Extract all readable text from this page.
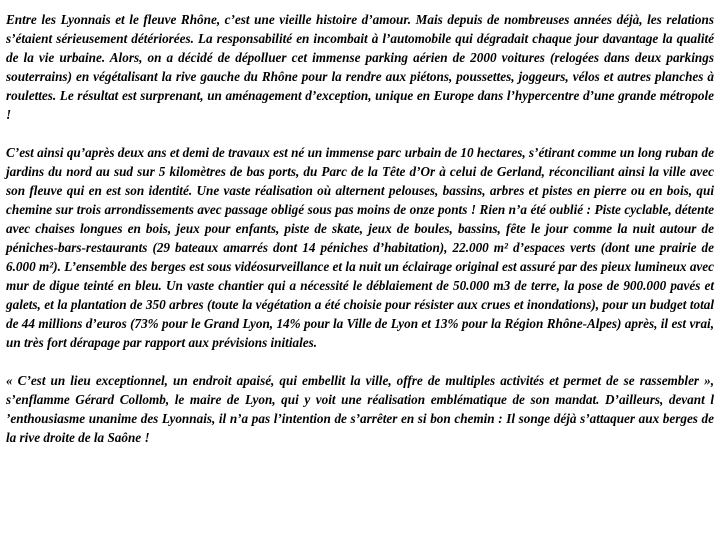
Entre les Lyonnais et le fleuve Rhône, c’est une vieille histoire d’amour. Mais depuis de nombreuses années déjà, les relations s’étaient sérieusement détériorées. La responsabilité en incombait à l’automobile qui dégradait chaque jour davantage la qualité de la vie urbaine. Alors, on a décidé de dépolluer cet immense parking aérien de 2000 voitures (relogées dans deux parkings souterrains) en végétalisant la rive gauche du Rhône pour la rendre aux piétons, poussettes, joggeurs, vélos et autres planches à roulettes. Le résultat est surprenant, un aménagement d’exception, unique en Europe dans l’hypercentre d’une grande métropole !

C’est ainsi qu’après deux ans et demi de travaux est né un immense parc urbain de 10 hectares, s’étirant comme un long ruban de jardins du nord au sud sur 5 kilomètres de bas ports, du Parc de la Tête d’Or à celui de Gerland, réconciliant ainsi la ville avec son fleuve qui en est son identité. Une vaste réalisation où alternent pelouses, bassins, arbres et pistes en pierre ou en bois, qui chemine sur trois arrondissements avec passage obligé sous pas moins de onze ponts ! Rien n’a été oublié : Piste cyclable, détente avec chaises longues en bois, jeux pour enfants, piste de skate, jeux de boules, bassins, fête le jour comme la nuit autour de péniches-bars-restaurants (29 bateaux amarrés dont 14 péniches d’habitation), 22.000 m² d’espaces verts (dont une prairie de 6.000 m²). L’ensemble des berges est sous vidéosurveillance et la nuit un éclairage original est assuré par des pieux lumineux avec mur de digue teinté en bleu. Un vaste chantier qui a nécessité le déblaiement de 50.000 m3 de terre, la pose de 900.000 pavés et galets, et la plantation de 350 arbres (toute la végétation a été choisie pour résister aux crues et inondations), pour un budget total de 44 millions d’euros (73% pour le Grand Lyon, 14% pour la Ville de Lyon et 13% pour la Région Rhône-Alpes) après, il est vrai, un très fort dérapage par rapport aux prévisions initiales.

« C’est un lieu exceptionnel, un endroit apaisé, qui embellit la ville, offre de multiples activités et permet de se rassembler », s’enflamme Gérard Collomb, le maire de Lyon, qui y voit une réalisation emblématique de son mandat. D’ailleurs, devant l ’enthousiasme unanime des Lyonnais, il n’a pas l’intention de s’arrêter en si bon chemin : Il songe déjà s’attaquer aux berges de la rive droite de la Saône !
